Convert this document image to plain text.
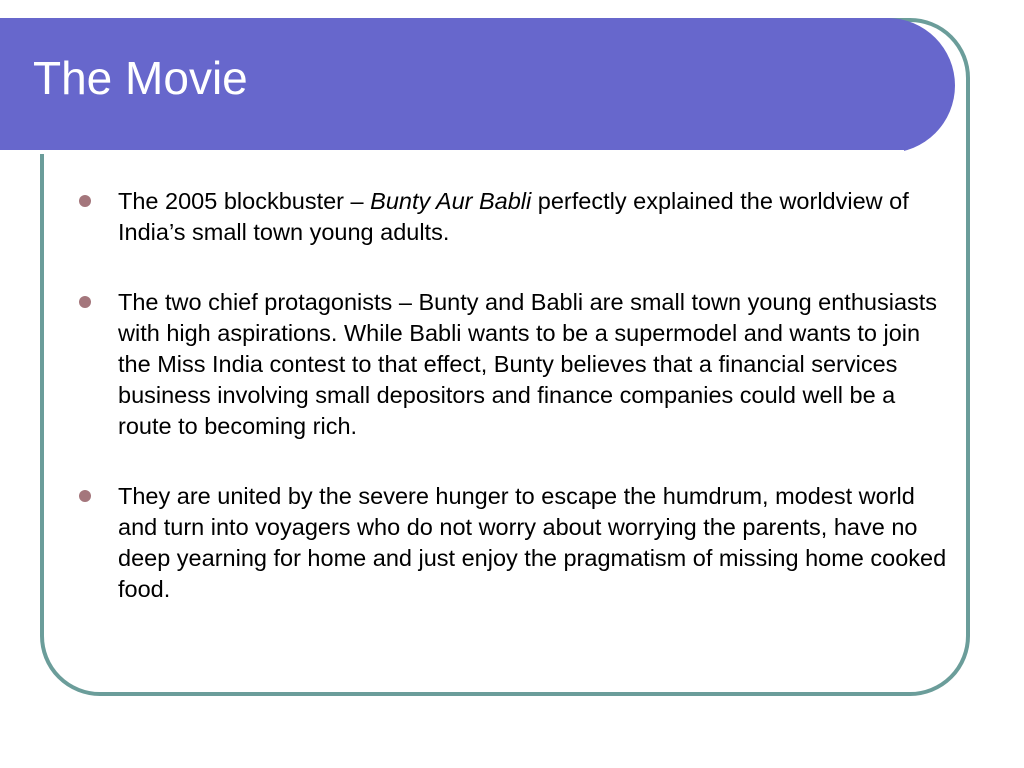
The Movie
The 2005 blockbuster – Bunty Aur Babli perfectly explained the worldview of India’s small town young adults.
The two chief protagonists – Bunty and Babli are small town young enthusiasts with high aspirations. While Babli wants to be a supermodel and wants to join the Miss India contest to that effect, Bunty believes that a financial services business involving small depositors and finance companies could well be a route to becoming rich.
They are united by the severe hunger to escape the humdrum, modest world and turn into voyagers who do not worry about worrying the parents, have no deep yearning for home and just enjoy the pragmatism of missing home cooked food.
